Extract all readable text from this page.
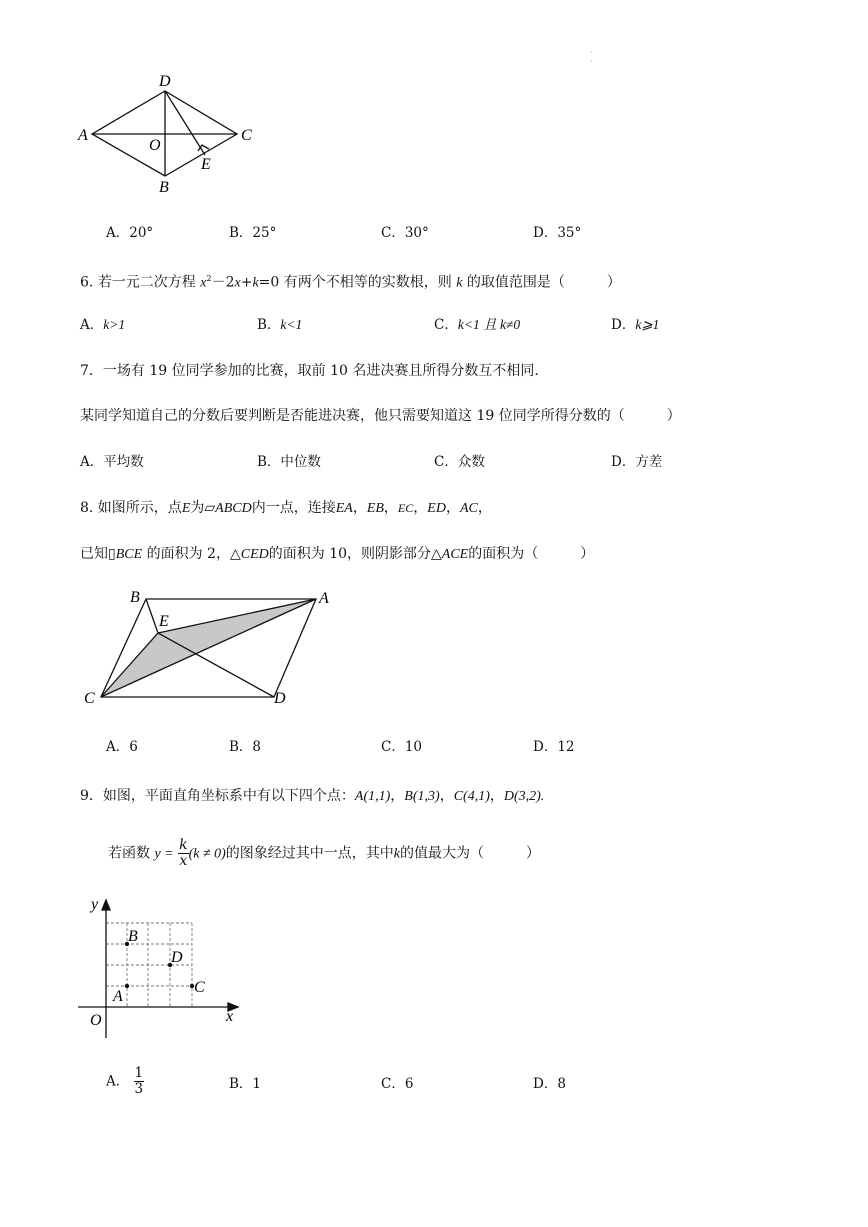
·
·
D
A
O
C
E
B
A．20°	B．25°	C．30°	D．35°
6. 若一元二次方程 $x^2-2x+k=0$ 有两个不相等的实数根，则 k 的取值范围是（　　　）
A．k>1	B．k<1	C．k<1 且 k≠0	D．k⩾1
7．一场有 19 位同学参加的比赛，取前 10 名进决赛且所得分数互不相同.
某同学知道自己的分数后要判断是否能进决赛，他只需要知道这 19 位同学所得分数的（　　　）
A．平均数	B．中位数	C．众数	D．方差
8. 如图所示，点E为▱ABCD内一点，连接EA，EB，EC，ED，AC，
已知▯BCE 的面积为 2，△CED的面积为 10，则阴影部分△ACE的面积为（　　　）
B
E
A
C	D
A．6	B．8	C．10	D．12
9．如图，平面直角坐标系中有以下四个点：A(1,1)，B(1,3)，C(4,1)，D(3,2).
若函数 $y = \frac{k}{x} (k \ne 0)$的图象经过其中一点，其中k的值最大为（　　　）
y
B
D
C
A
O	x
A． $\frac{1}{3}$	B．1	C．6	D．8
